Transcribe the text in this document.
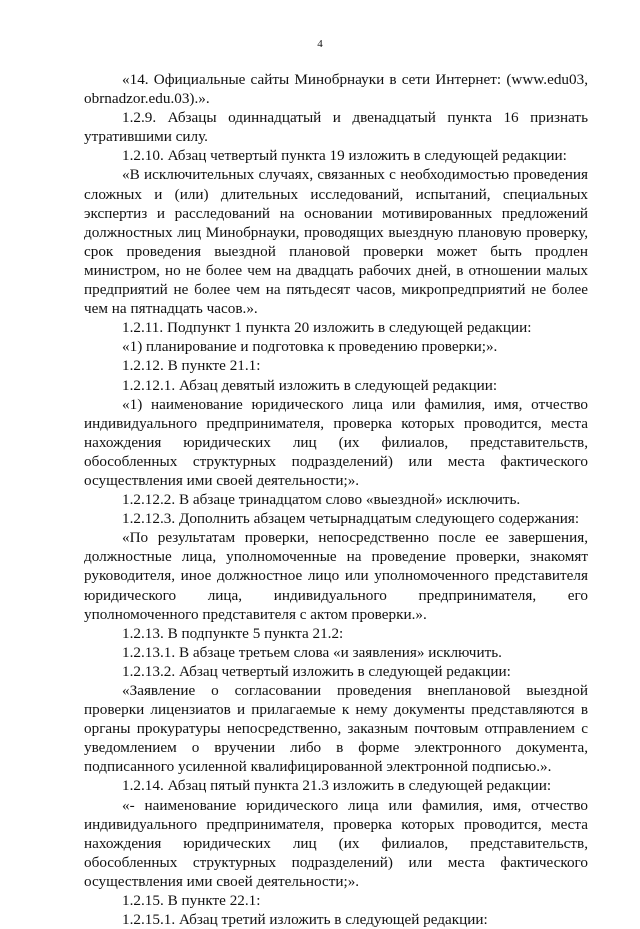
4

«14. Официальные сайты Минобрнауки в сети Интернет: (www.edu03, obrnadzor.edu.03).».

1.2.9. Абзацы одиннадцатый и двенадцатый пункта 16 признать утратившими силу.

1.2.10. Абзац четвертый пункта 19 изложить в следующей редакции:

«В исключительных случаях, связанных с необходимостью проведения сложных и (или) длительных исследований, испытаний, специальных экспертиз и расследований на основании мотивированных предложений должностных лиц Минобрнауки, проводящих выездную плановую проверку, срок проведения выездной плановой проверки может быть продлен министром, но не более чем на двадцать рабочих дней, в отношении малых предприятий не более чем на пятьдесят часов, микропредприятий не более чем на пятнадцать часов.».

1.2.11. Подпункт 1 пункта 20 изложить в следующей редакции:

«1) планирование и подготовка к проведению проверки;».

1.2.12. В пункте 21.1:

1.2.12.1. Абзац девятый изложить в следующей редакции:

«1) наименование юридического лица или фамилия, имя, отчество индивидуального предпринимателя, проверка которых проводится, места нахождения юридических лиц (их филиалов, представительств, обособленных структурных подразделений) или места фактического осуществления ими своей деятельности;».

1.2.12.2. В абзаце тринадцатом слово «выездной» исключить.

1.2.12.3. Дополнить абзацем четырнадцатым следующего содержания:

«По результатам проверки, непосредственно после ее завершения, должностные лица, уполномоченные на проведение проверки, знакомят руководителя, иное должностное лицо или уполномоченного представителя юридического лица, индивидуального предпринимателя, его уполномоченного представителя с актом проверки.».

1.2.13. В подпункте 5 пункта 21.2:

1.2.13.1. В абзаце третьем слова «и заявления» исключить.

1.2.13.2. Абзац четвертый изложить в следующей редакции:

«Заявление о согласовании проведения внеплановой выездной проверки лицензиатов и прилагаемые к нему документы представляются в органы прокуратуры непосредственно, заказным почтовым отправлением с уведомлением о вручении либо в форме электронного документа, подписанного усиленной квалифицированной электронной подписью.».

1.2.14. Абзац пятый пункта 21.3 изложить в следующей редакции:

«- наименование юридического лица или фамилия, имя, отчество индивидуального предпринимателя, проверка которых проводится, места нахождения юридических лиц (их филиалов, представительств, обособленных структурных подразделений) или места фактического осуществления ими своей деятельности;».

1.2.15. В пункте 22.1:

1.2.15.1. Абзац третий изложить в следующей редакции:
